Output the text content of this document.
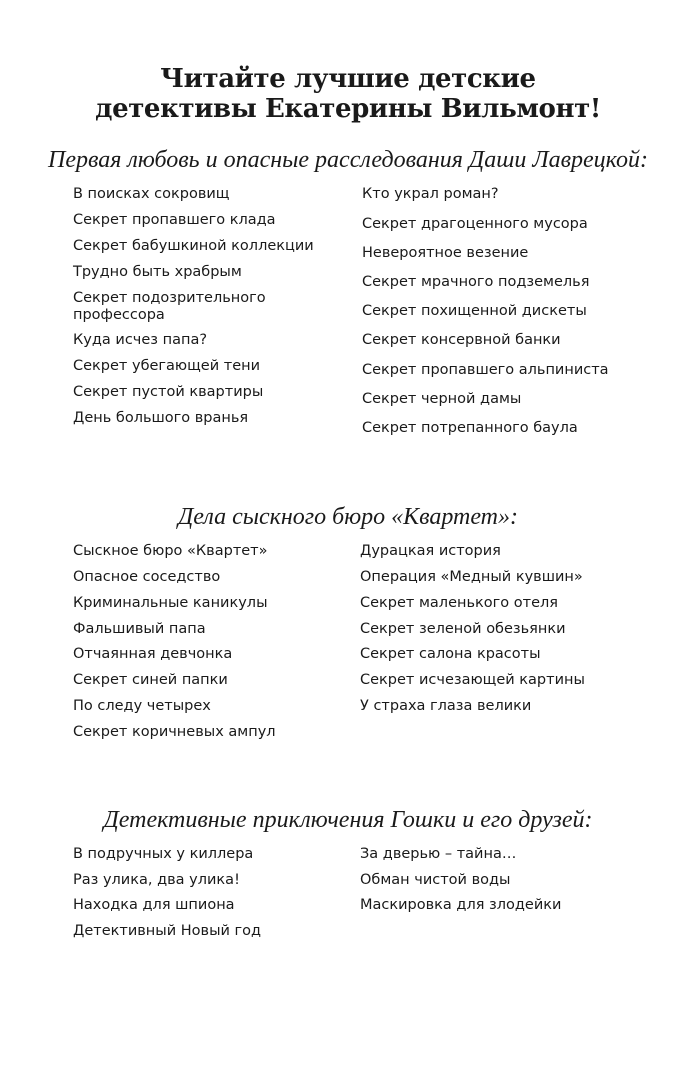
Читайте лучшие детские
детективы Екатерины Вильмонт!
Первая любовь и опасные расследования Даши Лаврецкой:
В поисках сокровищ
Секрет пропавшего клада
Секрет бабушкиной коллекции
Трудно быть храбрым
Секрет подозрительного профессора
Куда исчез папа?
Секрет убегающей тени
Секрет пустой квартиры
День большого вранья
Кто украл роман?
Секрет драгоценного мусора
Невероятное везение
Секрет мрачного подземелья
Секрет похищенной дискеты
Секрет консервной банки
Секрет пропавшего альпиниста
Секрет черной дамы
Секрет потрепанного баула
Дела сыскного бюро «Квартет»:
Сыскное бюро «Квартет»
Опасное соседство
Криминальные каникулы
Фальшивый папа
Отчаянная девчонка
Секрет синей папки
По следу четырех
Секрет коричневых ампул
Дурацкая история
Операция «Медный кувшин»
Секрет маленького отеля
Секрет зеленой обезьянки
Секрет салона красоты
Секрет исчезающей картины
У страха глаза велики
Детективные приключения Гошки и его друзей:
В подручных у киллера
Раз улика, два улика!
Находка для шпиона
Детективный Новый год
За дверью – тайна…
Обман чистой воды
Маскировка для злодейки
